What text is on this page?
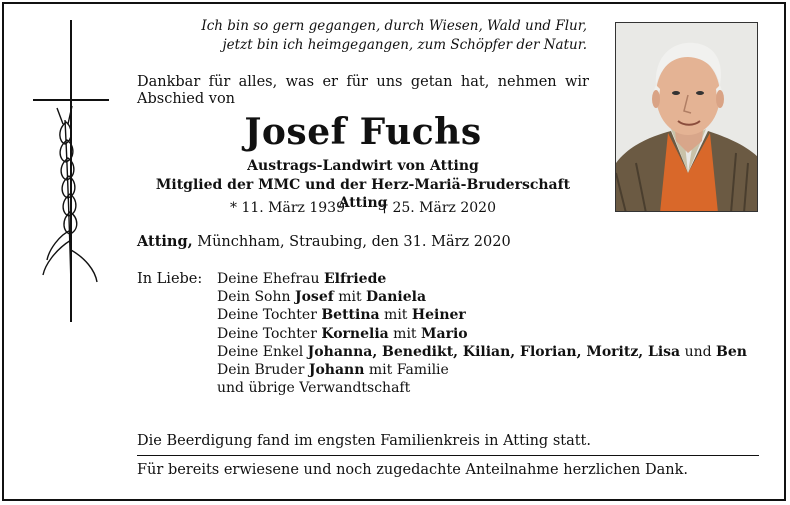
Ich bin so gern gegangen, durch Wiesen, Wald und Flur,
jetzt bin ich heimgegangen, zum Schöpfer der Natur.
Dankbar für alles, was er für uns getan hat, nehmen wir
Abschied von
Josef Fuchs
Austrags-Landwirt von Atting
Mitglied der MMC und der Herz-Mariä-Bruderschaft Atting
* 11. März 1939	† 25. März 2020
Atting, Münchham, Straubing, den 31. März 2020
In Liebe: Deine Ehefrau Elfriede
Dein Sohn Josef mit Daniela
Deine Tochter Bettina mit Heiner
Deine Tochter Kornelia mit Mario
Deine Enkel Johanna, Benedikt, Kilian, Florian, Moritz, Lisa und Ben
Dein Bruder Johann mit Familie
und übrige Verwandtschaft
Die Beerdigung fand im engsten Familienkreis in Atting statt.
Für bereits erwiesene und noch zugedachte Anteilnahme herzlichen Dank.
